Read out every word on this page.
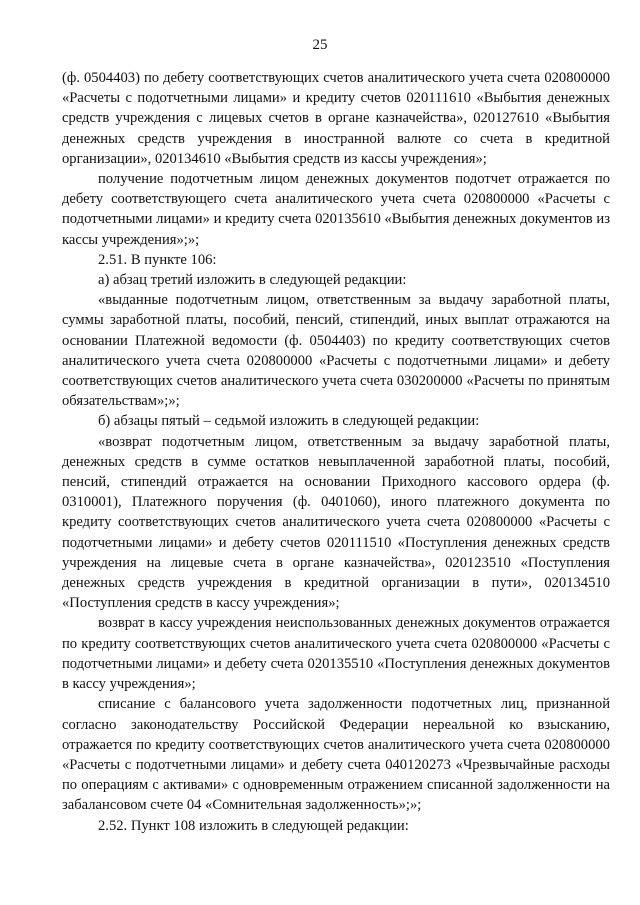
25

(ф. 0504403) по дебету соответствующих счетов аналитического учета счета 020800000 «Расчеты с подотчетными лицами» и кредиту счетов 020111610 «Выбытия денежных средств учреждения с лицевых счетов в органе казначейства», 020127610 «Выбытия денежных средств учреждения в иностранной валюте со счета в кредитной организации», 020134610 «Выбытия средств из кассы учреждения»;

получение подотчетным лицом денежных документов подотчет отражается по дебету соответствующего счета аналитического учета счета 020800000 «Расчеты с подотчетными лицами» и кредиту счета 020135610 «Выбытия денежных документов из кассы учреждения»;»;

2.51. В пункте 106:

а) абзац третий изложить в следующей редакции:

«выданные подотчетным лицом, ответственным за выдачу заработной платы, суммы заработной платы, пособий, пенсий, стипендий, иных выплат отражаются на основании Платежной ведомости (ф. 0504403) по кредиту соответствующих счетов аналитического учета счета 020800000 «Расчеты с подотчетными лицами» и дебету соответствующих счетов аналитического учета счета 030200000 «Расчеты по принятым обязательствам»;»;

б) абзацы пятый – седьмой изложить в следующей редакции:

«возврат подотчетным лицом, ответственным за выдачу заработной платы, денежных средств в сумме остатков невыплаченной заработной платы, пособий, пенсий, стипендий отражается на основании Приходного кассового ордера (ф. 0310001), Платежного поручения (ф. 0401060), иного платежного документа по кредиту соответствующих счетов аналитического учета счета 020800000 «Расчеты с подотчетными лицами» и дебету счетов 020111510 «Поступления денежных средств учреждения на лицевые счета в органе казначейства», 020123510 «Поступления денежных средств учреждения в кредитной организации в пути», 020134510 «Поступления средств в кассу учреждения»;

возврат в кассу учреждения неиспользованных денежных документов отражается по кредиту соответствующих счетов аналитического учета счета 020800000 «Расчеты с подотчетными лицами» и дебету счета 020135510 «Поступления денежных документов в кассу учреждения»;

списание с балансового учета задолженности подотчетных лиц, признанной согласно законодательству Российской Федерации нереальной ко взысканию, отражается по кредиту соответствующих счетов аналитического учета счета 020800000 «Расчеты с подотчетными лицами» и дебету счета 040120273 «Чрезвычайные расходы по операциям с активами» с одновременным отражением списанной задолженности на забалансовом счете 04 «Сомнительная задолженность»;»;

2.52. Пункт 108 изложить в следующей редакции:
